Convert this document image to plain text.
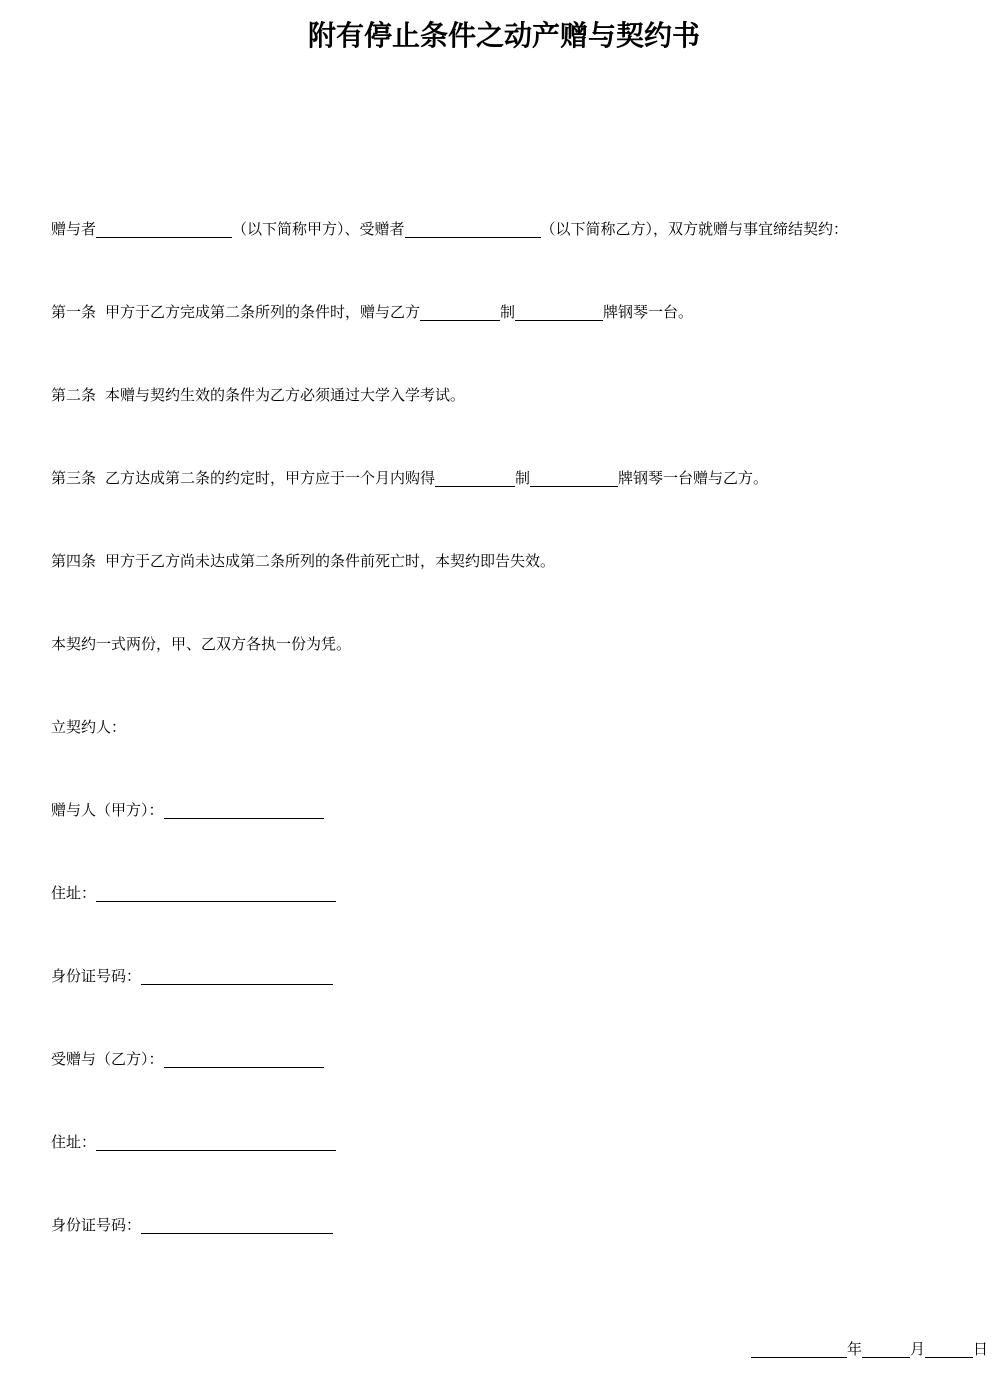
附有停止条件之动产赠与契约书
赠与者	（以下简称甲方）、受赠者	（以下简称乙方），双方就赠与事宜缔结契约：
第一条 甲方于乙方完成第二条所列的条件时，赠与乙方	制	牌钢琴一台。
第二条 本赠与契约生效的条件为乙方必须通过大学入学考试。
第三条 乙方达成第二条的约定时，甲方应于一个月内购得	制	牌钢琴一台赠与乙方。
第四条 甲方于乙方尚未达成第二条所列的条件前死亡时，本契约即告失效。
本契约一式两份，甲、乙双方各执一份为凭。
立契约人：
赠与人（甲方）：
住址：
身份证号码：
受赠与（乙方）：
住址：
身份证号码：
年	月	日
